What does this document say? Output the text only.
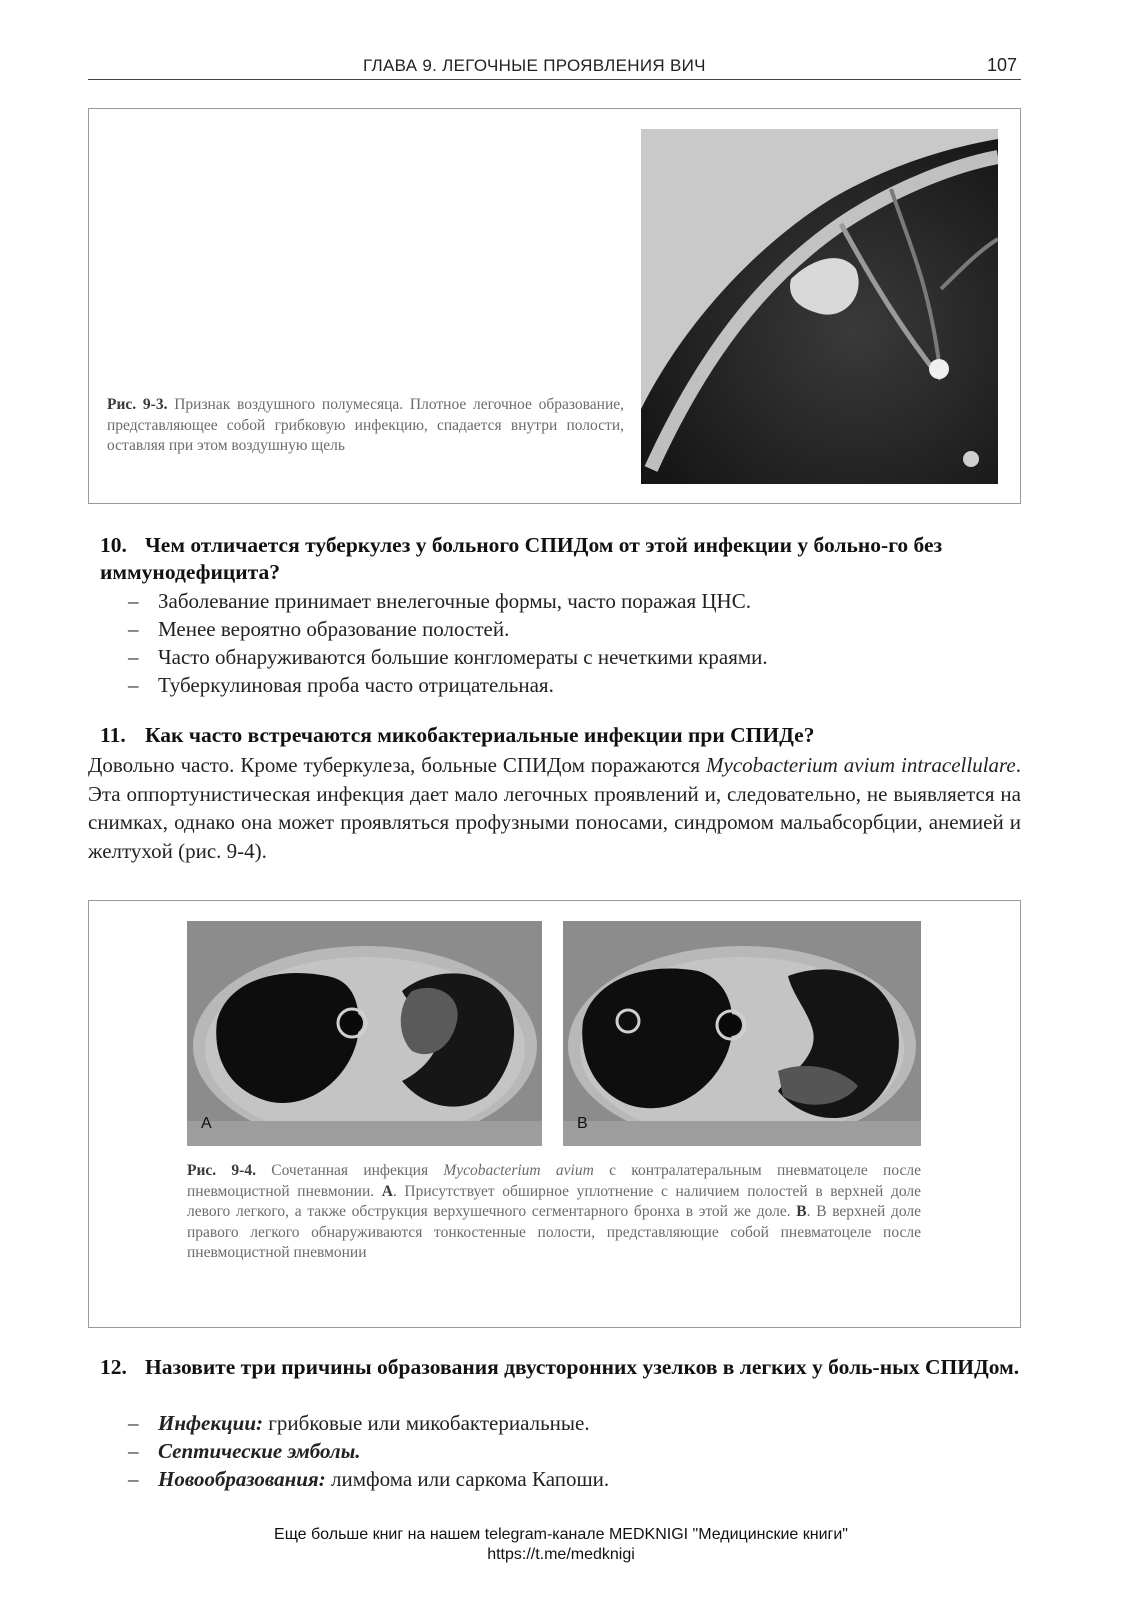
ГЛАВА 9. ЛЕГОЧНЫЕ ПРОЯВЛЕНИЯ ВИЧ	107
Рис. 9-3. Признак воздушного полумесяца. Плотное легочное образование, представляющее собой грибковую инфекцию, спадается внутри полости, оставляя при этом воздушную щель
10. Чем отличается туберкулез у больного СПИДом от этой инфекции у больно-го без иммунодефицита?
– Заболевание принимает внелегочные формы, часто поражая ЦНС.
– Менее вероятно образование полостей.
– Часто обнаруживаются большие конгломераты с нечеткими краями.
– Туберкулиновая проба часто отрицательная.
11. Как часто встречаются микобактериальные инфекции при СПИДе?
Довольно часто. Кроме туберкулеза, больные СПИДом поражаются Mycobacterium avium intracellulare. Эта оппортунистическая инфекция дает мало легочных проявлений и, следовательно, не выявляется на снимках, однако она может проявляться профузными поносами, синдромом мальабсорбции, анемией и желтухой (рис. 9-4).
A	B
Рис. 9-4. Сочетанная инфекция Mycobacterium avium с контралатеральным пневматоцеле после пневмоцистной пневмонии. А. Присутствует обширное уплотнение с наличием полостей в верхней доле левого легкого, а также обструкция верхушечного сегментарного бронха в этой же доле. В. В верхней доле правого легкого обнаруживаются тонкостенные полости, представляющие собой пневматоцеле после пневмоцистной пневмонии
12. Назовите три причины образования двусторонних узелков в легких у боль-ных СПИДом.
– Инфекции: грибковые или микобактериальные.
– Септические эмболы.
– Новообразования: лимфома или саркома Капоши.
Еще больше книг на нашем telegram-канале MEDKNIGI "Медицинские книги"
https://t.me/medknigi
